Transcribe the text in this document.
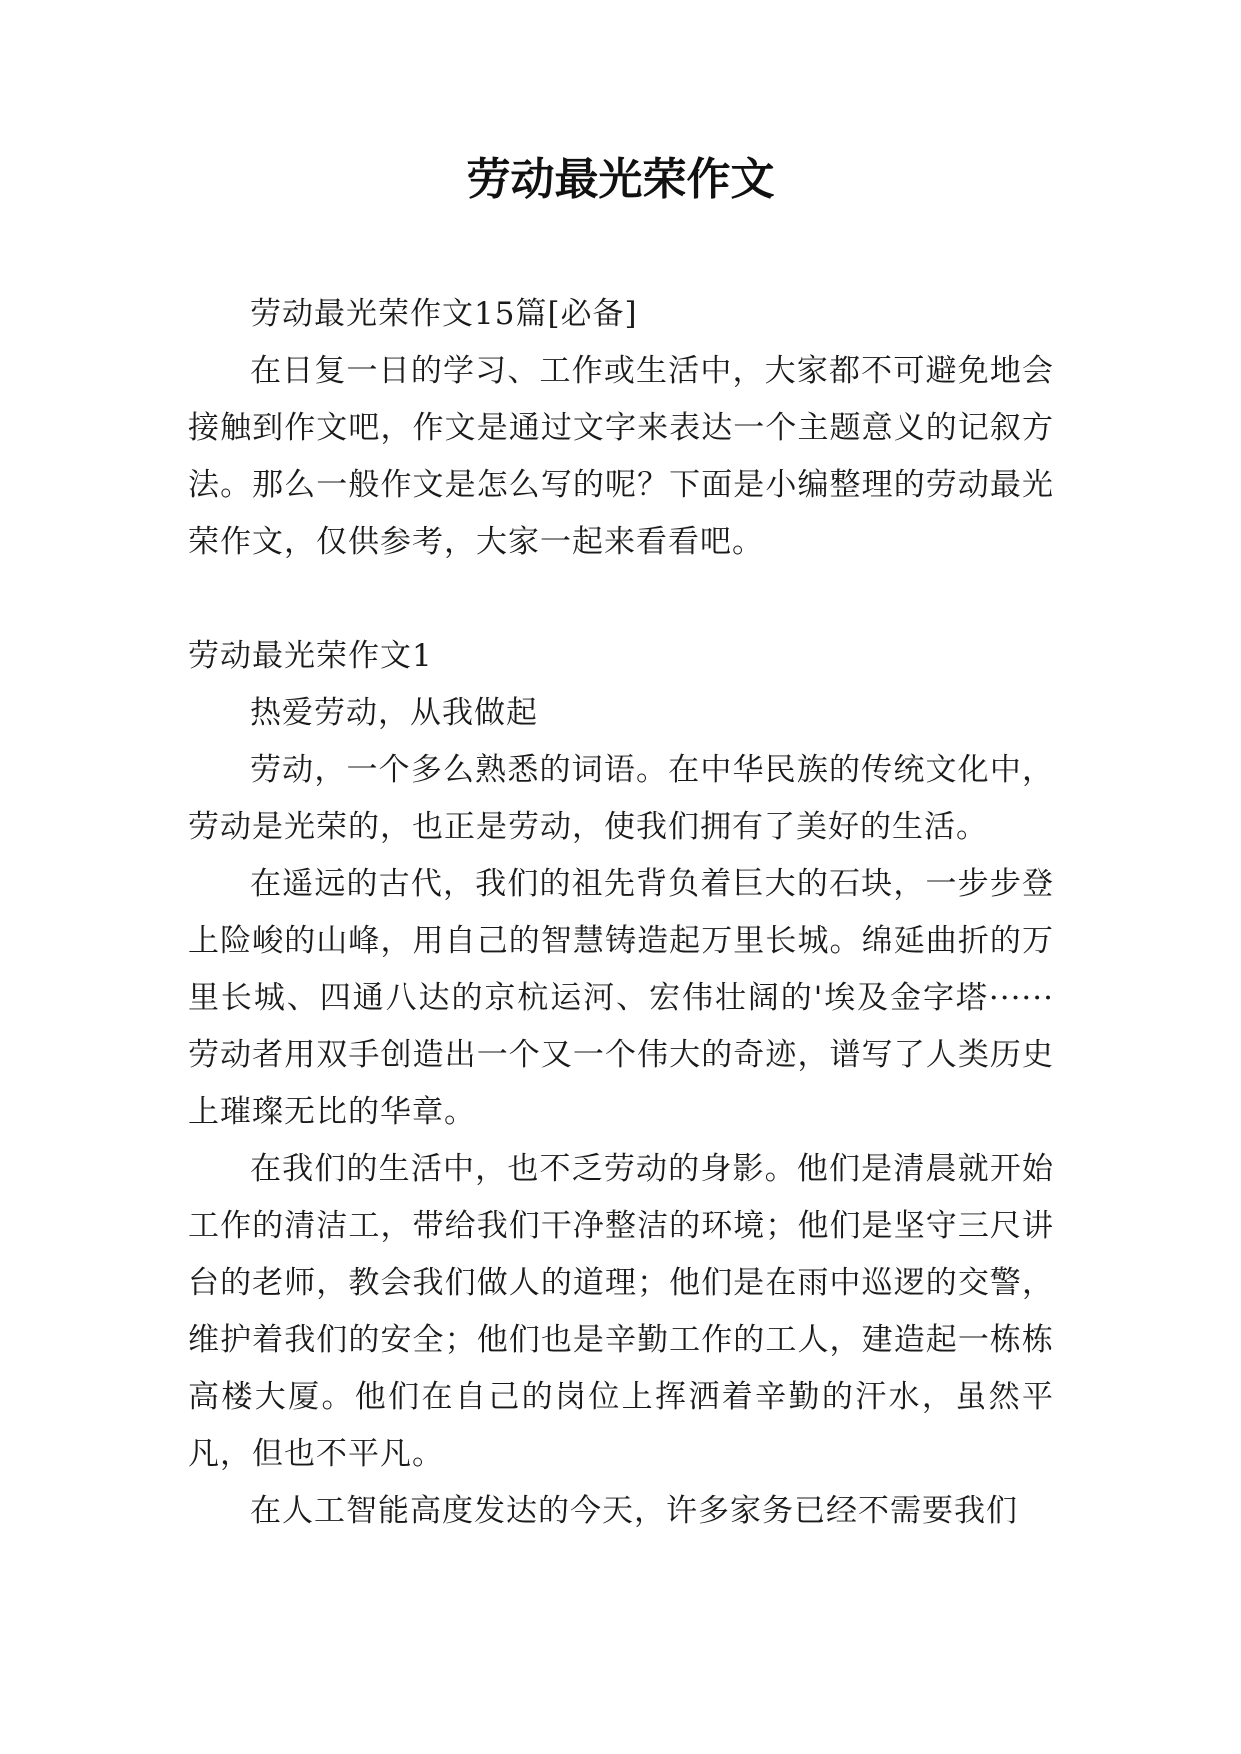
劳动最光荣作文

劳动最光荣作文15篇[必备]

在日复一日的学习、工作或生活中，大家都不可避免地会接触到作文吧，作文是通过文字来表达一个主题意义的记叙方法。那么一般作文是怎么写的呢？下面是小编整理的劳动最光荣作文，仅供参考，大家一起来看看吧。

劳动最光荣作文1

热爱劳动，从我做起

劳动，一个多么熟悉的词语。在中华民族的传统文化中，劳动是光荣的，也正是劳动，使我们拥有了美好的生活。

在遥远的古代，我们的祖先背负着巨大的石块，一步步登上险峻的山峰，用自己的智慧铸造起万里长城。绵延曲折的万里长城、四通八达的京杭运河、宏伟壮阔的'埃及金字塔······劳动者用双手创造出一个又一个伟大的奇迹，谱写了人类历史上璀璨无比的华章。

在我们的生活中，也不乏劳动的身影。他们是清晨就开始工作的清洁工，带给我们干净整洁的环境；他们是坚守三尺讲台的老师，教会我们做人的道理；他们是在雨中巡逻的交警，维护着我们的安全；他们也是辛勤工作的工人，建造起一栋栋高楼大厦。他们在自己的岗位上挥洒着辛勤的汗水，虽然平凡，但也不平凡。

在人工智能高度发达的今天，许多家务已经不需要我们
